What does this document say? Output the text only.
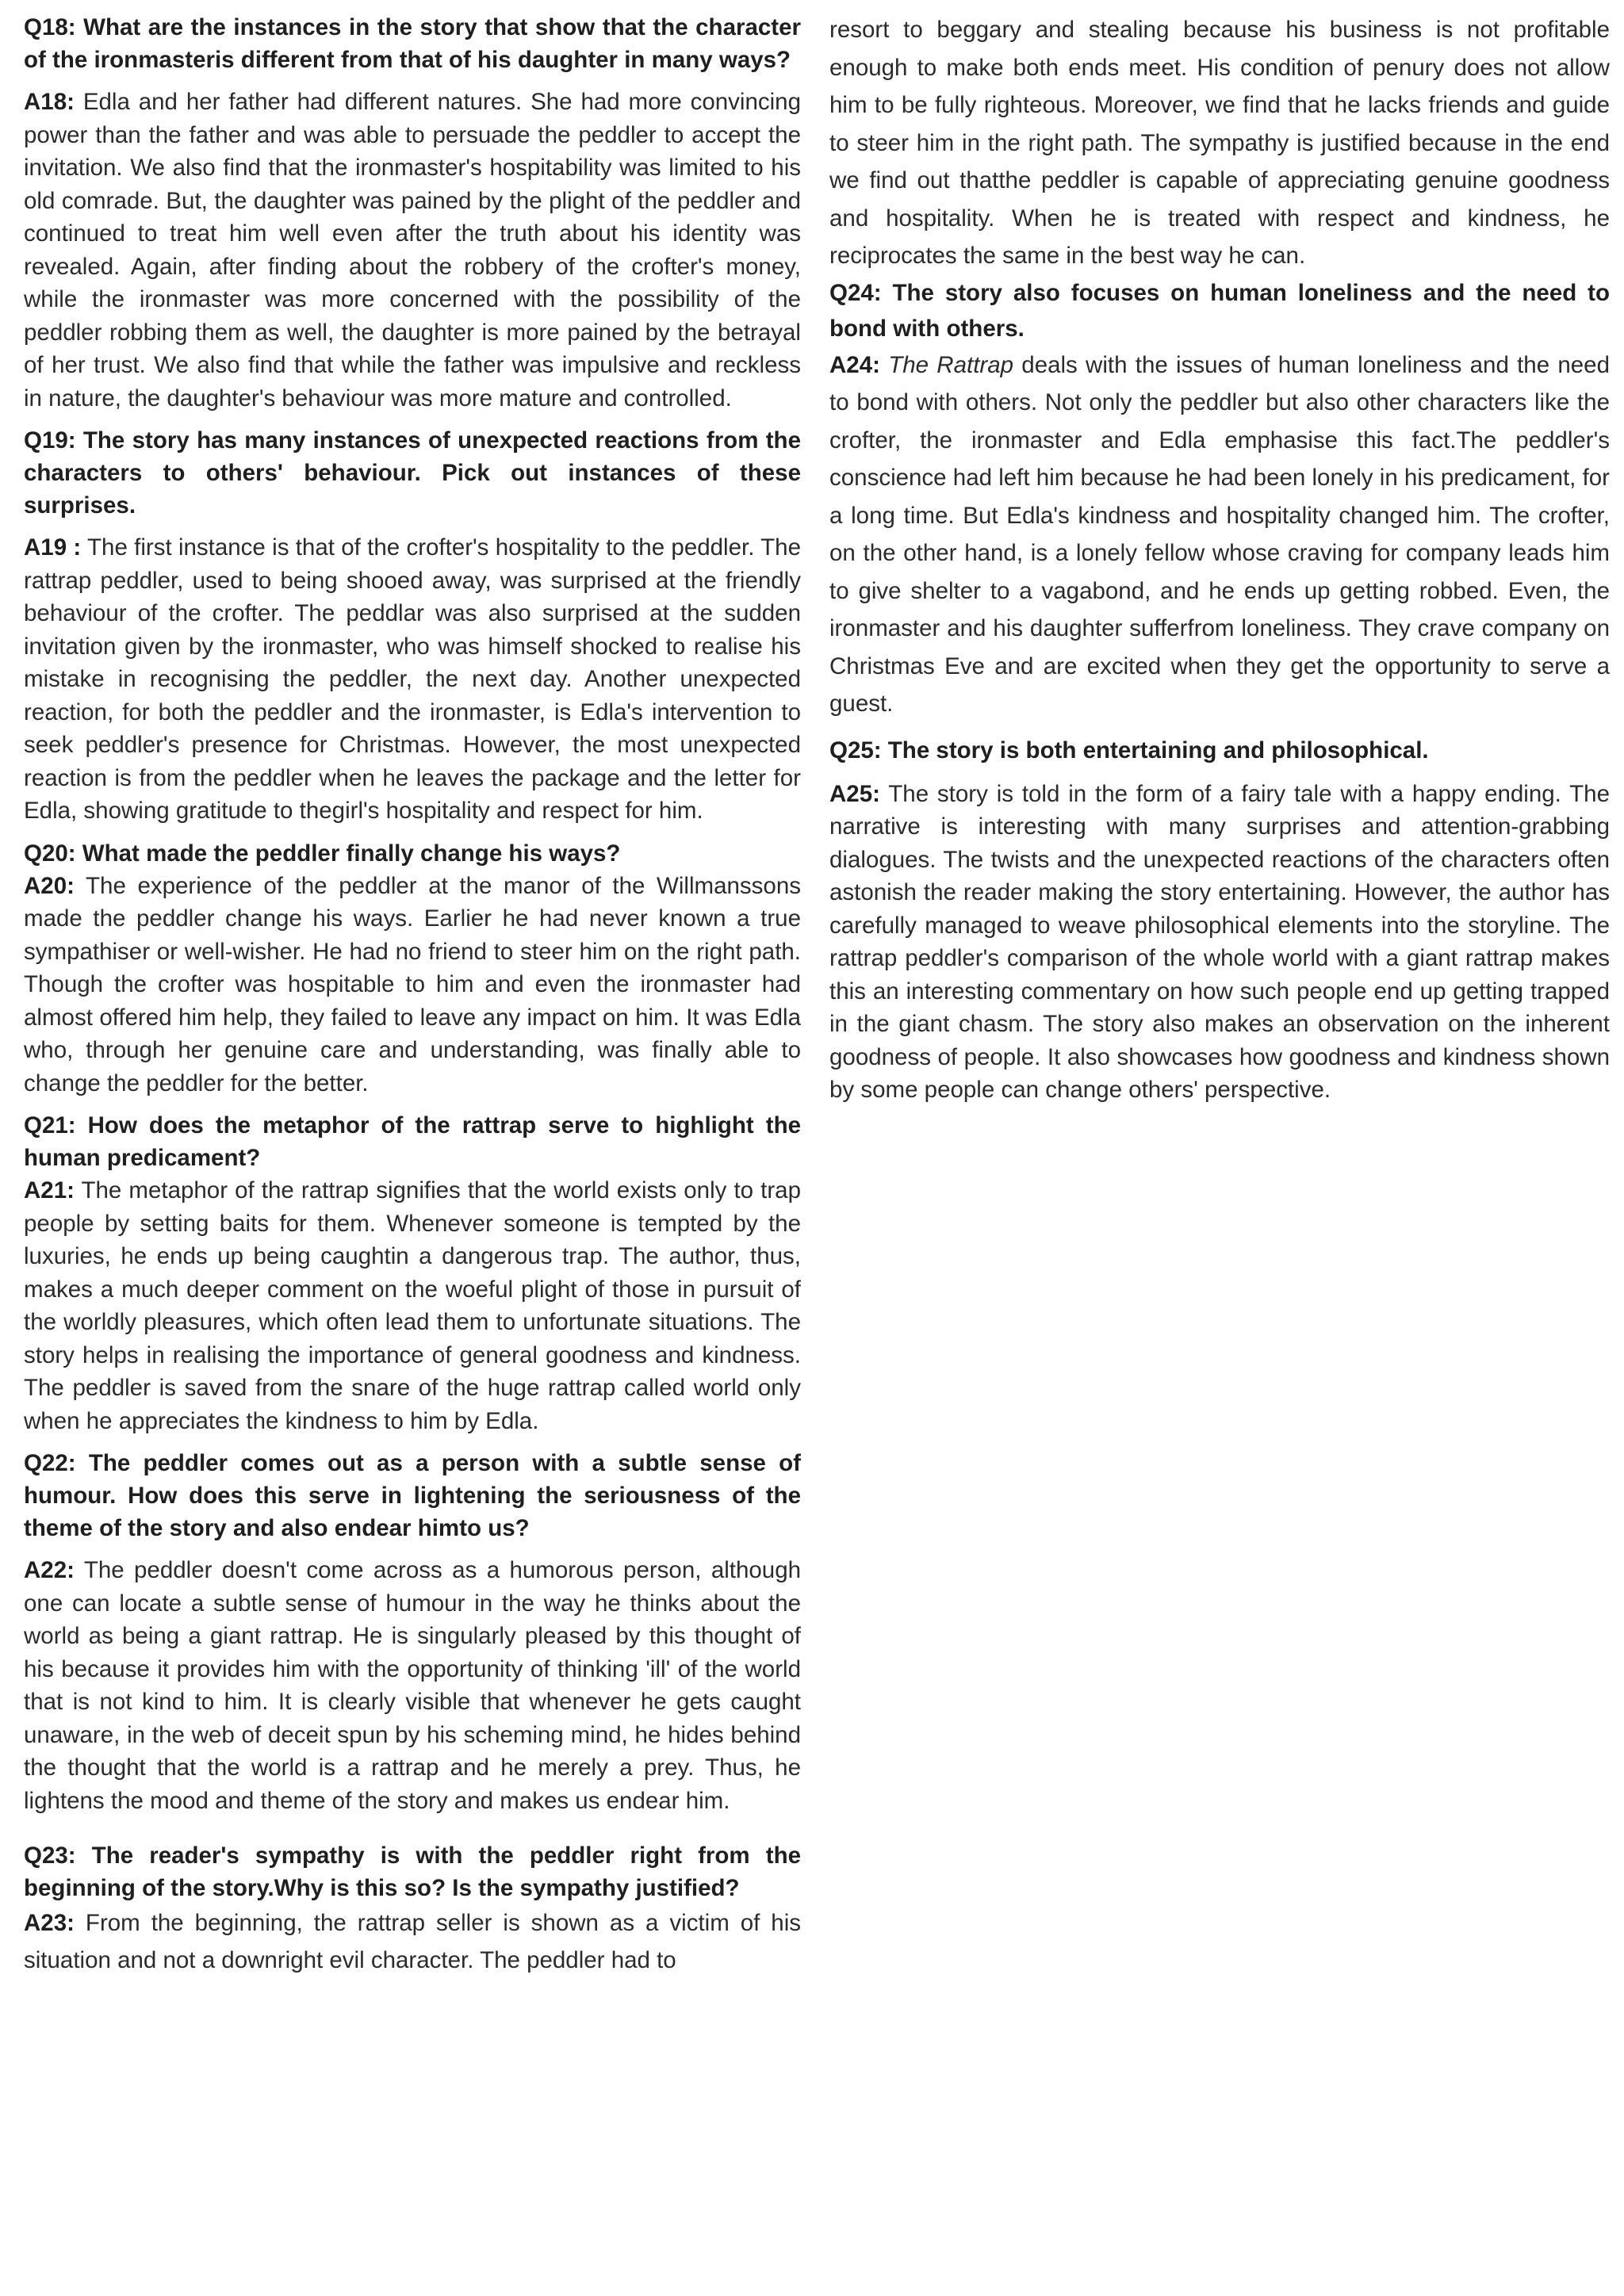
Q18: What are the instances in the story that show that the character of the ironmasteris different from that of his daughter in many ways?

A18: Edla and her father had different natures. She had more convincing power than the father and was able to persuade the peddler to accept the invitation. We also find that the ironmaster's hospitability was limited to his old comrade. But, the daughter was pained by the plight of the peddler and continued to treat him well even after the truth about his identity was revealed. Again, after finding about the robbery of the crofter's money, while the ironmaster was more concerned with the possibility of the peddler robbing them as well, the daughter is more pained by the betrayal of her trust. We also find that while the father was impulsive and reckless in nature, the daughter's behaviour was more mature and controlled.

Q19: The story has many instances of unexpected reactions from the characters to others' behaviour. Pick out instances of these surprises.

A19 : The first instance is that of the crofter's hospitality to the peddler. The rattrap peddler, used to being shooed away, was surprised at the friendly behaviour of the crofter. The peddlar was also surprised at the sudden invitation given by the ironmaster, who was himself shocked to realise his mistake in recognising the peddler, the next day. Another unexpected reaction, for both the peddler and the ironmaster, is Edla's intervention to seek peddler's presence for Christmas. However, the most unexpected reaction is from the peddler when he leaves the package and the letter for Edla, showing gratitude to thegirl's hospitality and respect for him.

Q20: What made the peddler finally change his ways?

A20: The experience of the peddler at the manor of the Willmanssons made the peddler change his ways. Earlier he had never known a true sympathiser or well-wisher. He had no friend to steer him on the right path. Though the crofter was hospitable to him and even the ironmaster had almost offered him help, they failed to leave any impact on him. It was Edla who, through her genuine care and understanding, was finally able to change the peddler for the better.

Q21: How does the metaphor of the rattrap serve to highlight the human predicament?

A21: The metaphor of the rattrap signifies that the world exists only to trap people by setting baits for them. Whenever someone is tempted by the luxuries, he ends up being caughtin a dangerous trap. The author, thus, makes a much deeper comment on the woeful plight of those in pursuit of the worldly pleasures, which often lead them to unfortunate situations. The story helps in realising the importance of general goodness and kindness. The peddler is saved from the snare of the huge rattrap called world only when he appreciates the kindness to him by Edla.

Q22: The peddler comes out as a person with a subtle sense of humour. How does this serve in lightening the seriousness of the theme of the story and also endear himto us?

A22: The peddler doesn't come across as a humorous person, although one can locate a subtle sense of humour in the way he thinks about the world as being a giant rattrap. He is singularly pleased by this thought of his because it provides him with the opportunity of thinking 'ill' of the world that is not kind to him. It is clearly visible that whenever he gets caught unaware, in the web of deceit spun by his scheming mind, he hides behind the thought that the world is a rattrap and he merely a prey. Thus, he lightens the mood and theme of the story and makes us endear him.

Q23: The reader's sympathy is with the peddler right from the beginning of the story.Why is this so? Is the sympathy justified?

A23: From the beginning, the rattrap seller is shown as a victim of his situation and not a downright evil character. The peddler had to

resort to beggary and stealing because his business is not profitable enough to make both ends meet. His condition of penury does not allow him to be fully righteous. Moreover, we find that he lacks friends and guide to steer him in the right path. The sympathy is justified because in the end we find out thatthe peddler is capable of appreciating genuine goodness and hospitality. When he is treated with respect and kindness, he reciprocates the same in the best way he can.

Q24: The story also focuses on human loneliness and the need to bond with others.

A24: The Rattrap deals with the issues of human loneliness and the need to bond with others. Not only the peddler but also other characters like the crofter, the ironmaster and Edla emphasise this fact.The peddler's conscience had left him because he had been lonely in his predicament, for a long time. But Edla's kindness and hospitality changed him. The crofter, on the other hand, is a lonely fellow whose craving for company leads him to give shelter to a vagabond, and he ends up getting robbed. Even, the ironmaster and his daughter sufferfrom loneliness. They crave company on Christmas Eve and are excited when they get the opportunity to serve a guest.

Q25: The story is both entertaining and philosophical.

A25: The story is told in the form of a fairy tale with a happy ending. The narrative is interesting with many surprises and attention-grabbing dialogues. The twists and the unexpected reactions of the characters often astonish the reader making the story entertaining. However, the author has carefully managed to weave philosophical elements into the storyline. The rattrap peddler's comparison of the whole world with a giant rattrap makes this an interesting commentary on how such people end up getting trapped in the giant chasm. The story also makes an observation on the inherent goodness of people. It also showcases how goodness and kindness shown by some people can change others' perspective.
